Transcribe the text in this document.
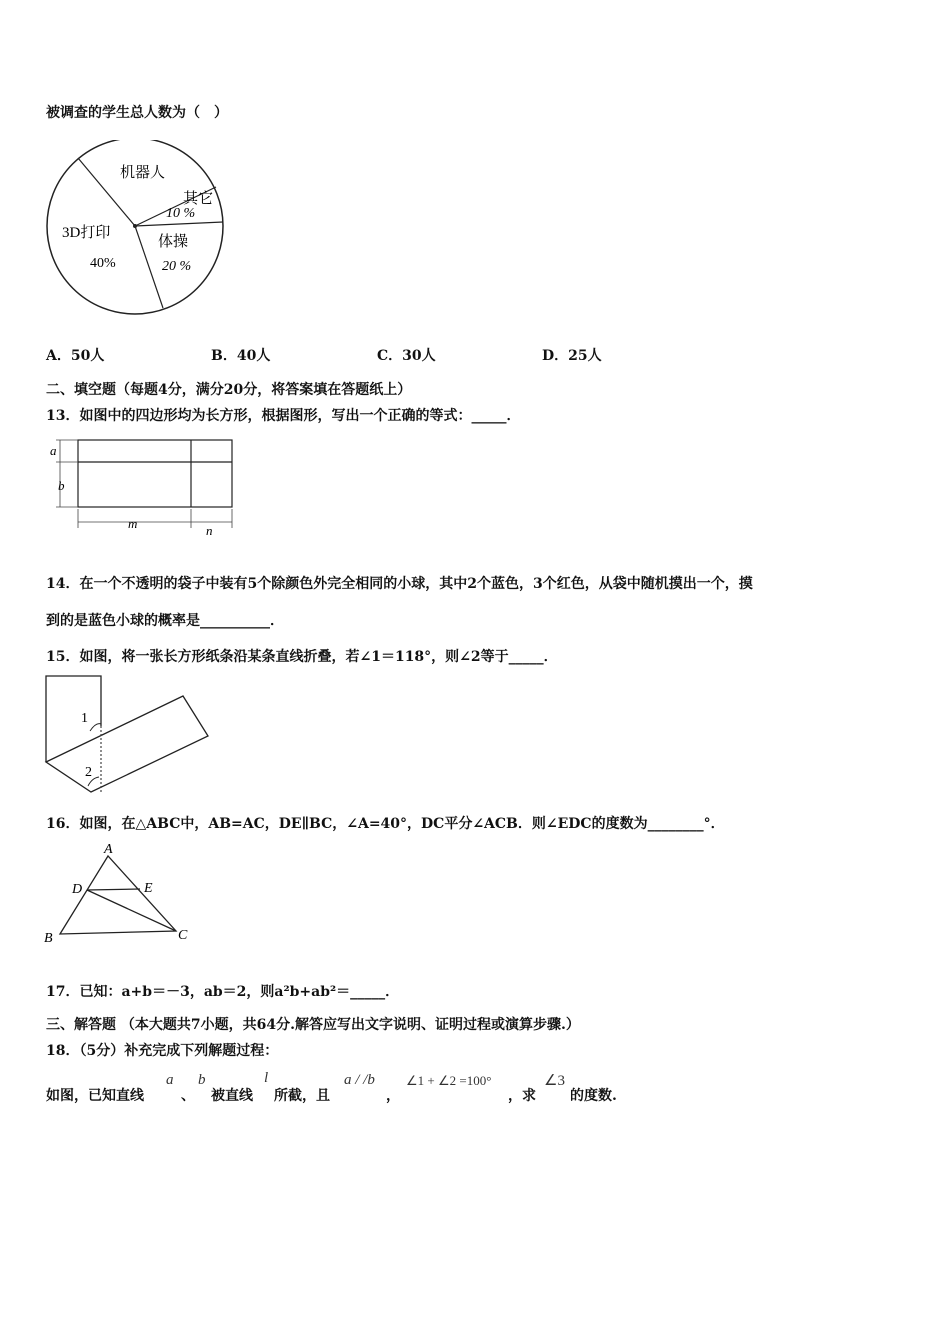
被调查的学生总人数为（　）
机器人
其它
10 %
3D打印
40%
体操
20 %
A．50人	B．40人	C．30人	D．25人
二、填空题（每题4分，满分20分，将答案填在答题纸上）
13．如图中的四边形均为长方形，根据图形，写出一个正确的等式：_____．
a
b
m	n
14．在一个不透明的袋子中装有5个除颜色外完全相同的小球，其中2个蓝色，3个红色，从袋中随机摸出一个，摸
到的是蓝色小球的概率是__________．
15．如图，将一张长方形纸条沿某条直线折叠，若∠1＝118°，则∠2等于_____．
1
2
16．如图，在△ABC中，AB=AC，DE∥BC，∠A=40°，DC平分∠ACB．则∠EDC的度数为________°．
A
B	C
D	E
17．已知：a+b＝－3，ab＝2，则a²b+ab²＝_____．
三、解答题 （本大题共7小题，共64分.解答应写出文字说明、证明过程或演算步骤.）
18．（5分）补充完成下列解题过程：
如图，已知直线
a
、
b
被直线
l
所截，且
a / /b
，
∠1 + ∠2 =100°
，求
∠3
的度数.
